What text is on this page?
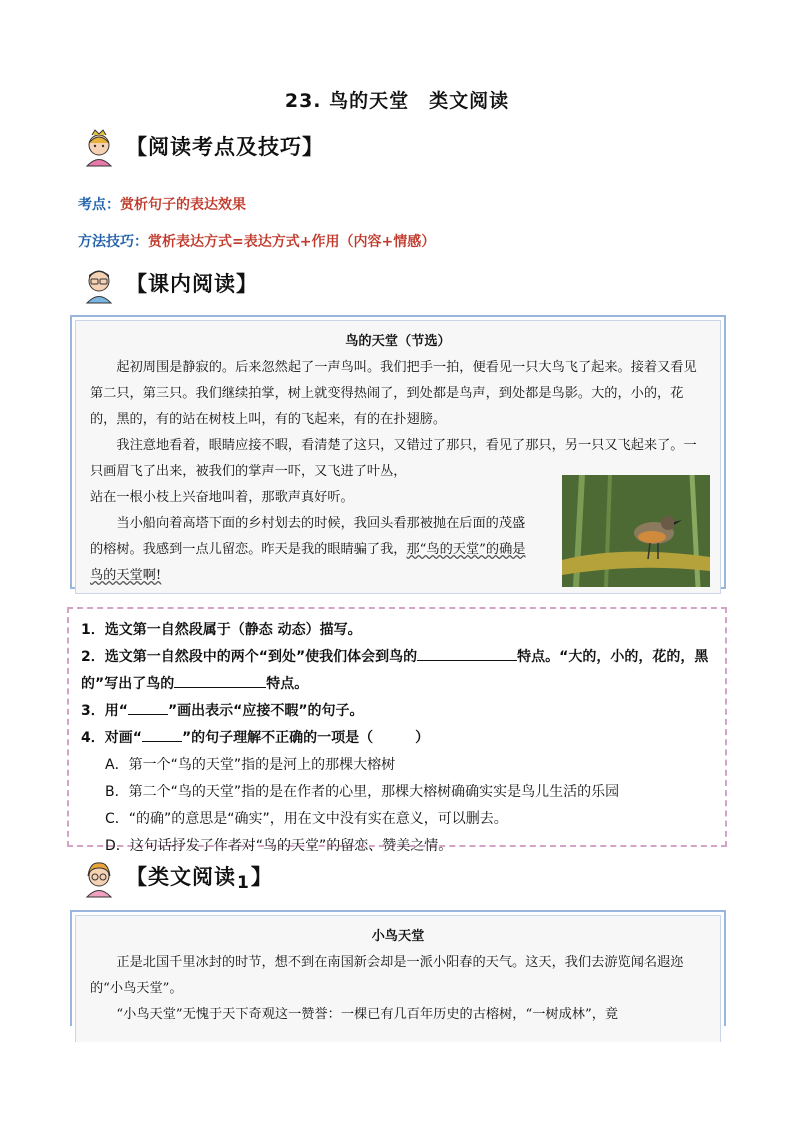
23. 鸟的天堂　类文阅读
【阅读考点及技巧】
考点：赏析句子的表达效果
方法技巧：赏析表达方式=表达方式+作用（内容+情感）
【课内阅读】
鸟的天堂（节选）

起初周围是静寂的。后来忽然起了一声鸟叫。我们把手一拍，便看见一只大鸟飞了起来。接着又看见第二只，第三只。我们继续拍掌，树上就变得热闹了，到处都是鸟声，到处都是鸟影。大的，小的，花的，黑的，有的站在树枝上叫，有的飞起来，有的在扑翅膀。

我注意地看着，眼睛应接不暇，看清楚了这只，又错过了那只，看见了那只，另一只又飞起来了。一只画眉飞了出来，被我们的掌声一吓，又飞进了叶丛，

站在一根小枝上兴奋地叫着，那歌声真好听。

当小船向着高塔下面的乡村划去的时候，我回头看那被抛在后面的茂盛的榕树。我感到一点儿留恋。昨天是我的眼睛骗了我，那“鸟的天堂”的确是鸟的天堂啊!

1．选文第一自然段属于（静态 动态）描写。

2．选文第一自然段中的两个“到处”使我们体会到鸟的	特点。“大的，小的，花的，黑的”写出了鸟的	特点。

3．用“	”画出表示“应接不暇”的句子。

4．对画“	”的句子理解不正确的一项是（　　　）

A．第一个“鸟的天堂”指的是河上的那棵大榕树

B．第二个“鸟的天堂”指的是在作者的心里，那棵大榕树确确实实是鸟儿生活的乐园

C．“的确”的意思是“确实”，用在文中没有实在意义，可以删去。

D．这句话抒发了作者对“鸟的天堂”的留恋、赞美之情。

【类文阅读1】
小鸟天堂

正是北国千里冰封的时节，想不到在南国新会却是一派小阳春的天气。这天，我们去游览闻名遐迩的“小鸟天堂”。

“小鸟天堂”无愧于天下奇观这一赞誉：一棵已有几百年历史的古榕树，“一树成林”，竟
